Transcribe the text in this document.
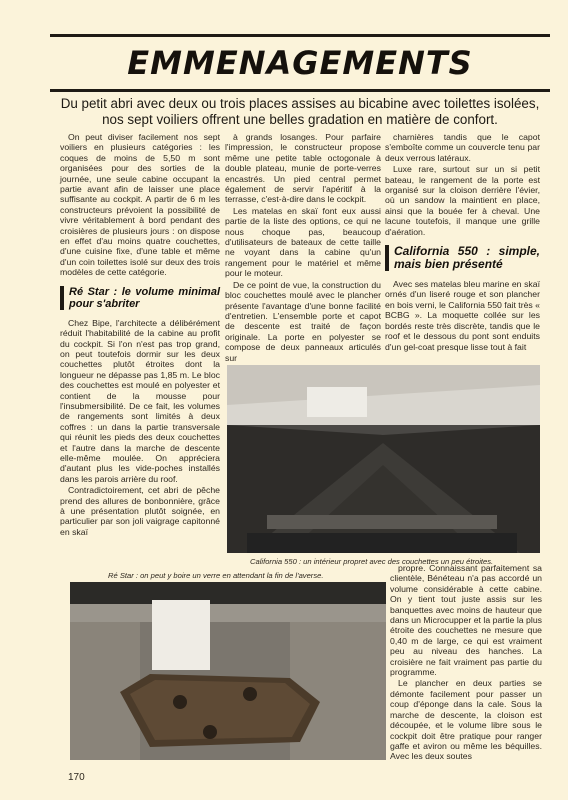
EMMENAGEMENTS
Du petit abri avec deux ou trois places assises au bicabine avec toilettes isolées, nos sept voiliers offrent une belles gradation en matière de confort.

On peut diviser facilement nos sept voiliers en plusieurs catégories : les coques de moins de 5,50 m sont organisées pour des sorties de la journée, une seule cabine occupant la partie avant afin de laisser une place suffisante au cockpit. A partir de 6 m les constructeurs prévoient la possibilité de vivre véritablement à bord pendant des croisières de plusieurs jours : on dispose en effet d'au moins quatre couchettes, d'une cuisine fixe, d'une table et même d'un coin toilettes isolé sur deux des trois modèles de cette catégorie.

Ré Star : le volume minimal pour s'abriter

Chez Bipe, l'architecte a délibérément réduit l'habitabilité de la cabine au profit du cockpit. Si l'on n'est pas trop grand, on peut toutefois dormir sur les deux couchettes plutôt étroites dont la longueur ne dépasse pas 1,85 m. Le bloc des couchettes est moulé en polyester et contient de la mousse pour l'insubmersibilité. De ce fait, les volumes de rangements sont limités à deux coffres : un dans la partie transversale qui réunit les pieds des deux couchettes et l'autre dans la marche de descente elle-même moulée. On appréciera d'autant plus les vide-poches installés dans les parois arrière du roof.

Contradictoirement, cet abri de pêche prend des allures de bonbonnière, grâce à une présentation plutôt soignée, en particulier par son joli vaigrage capitonné en skaï

à grands losanges. Pour parfaire l'impression, le constructeur propose même une petite table octogonale à double plateau, munie de porte-verres encastrés. Un pied central permet également de servir l'apéritif à la terrasse, c'est-à-dire dans le cockpit.

Les matelas en skaï font eux aussi partie de la liste des options, ce qui ne nous choque pas, beaucoup d'utilisateurs de bateaux de cette taille ne voyant dans la cabine qu'un rangement pour le matériel et même pour le moteur.

De ce point de vue, la construction du bloc couchettes moulé avec le plancher présente l'avantage d'une bonne facilité d'entretien. L'ensemble porte et capot de descente est traité de façon originale. La porte en polyester se compose de deux panneaux articulés sur

charnières tandis que le capot s'emboîte comme un couvercle tenu par deux verrous latéraux.

Luxe rare, surtout sur un si petit bateau, le rangement de la porte est organisé sur la cloison derrière l'évier, où un sandow la maintient en place, ainsi que la bouée fer à cheval. Une lacune toutefois, il manque une grille d'aération.

California 550 : simple, mais bien présenté

Avec ses matelas bleu marine en skaï ornés d'un liseré rouge et son plancher en bois verni, le California 550 fait très « BCBG ». La moquette collée sur les bordés reste très discrète, tandis que le roof et le dessous du pont sont enduits d'un gel-coat presque lisse tout à fait

California 550 : un intérieur propret avec des couchettes un peu étroites.
Ré Star : on peut y boire un verre en attendant la fin de l'averse.

propre. Connaissant parfaitement sa clientèle, Bénéteau n'a pas accordé un volume considérable à cette cabine. On y tient tout juste assis sur les banquettes avec moins de hauteur que dans un Microcupper et la partie la plus étroite des couchettes ne mesure que 0,40 m de large, ce qui est vraiment peu au niveau des hanches. La croisière ne fait vraiment pas partie du programme.

Le plancher en deux parties se démonte facilement pour passer un coup d'éponge dans la cale. Sous la marche de descente, la cloison est découpée, et le volume libre sous le cockpit doit être pratique pour ranger gaffe et aviron ou même les béquilles. Avec les deux soutes

170
